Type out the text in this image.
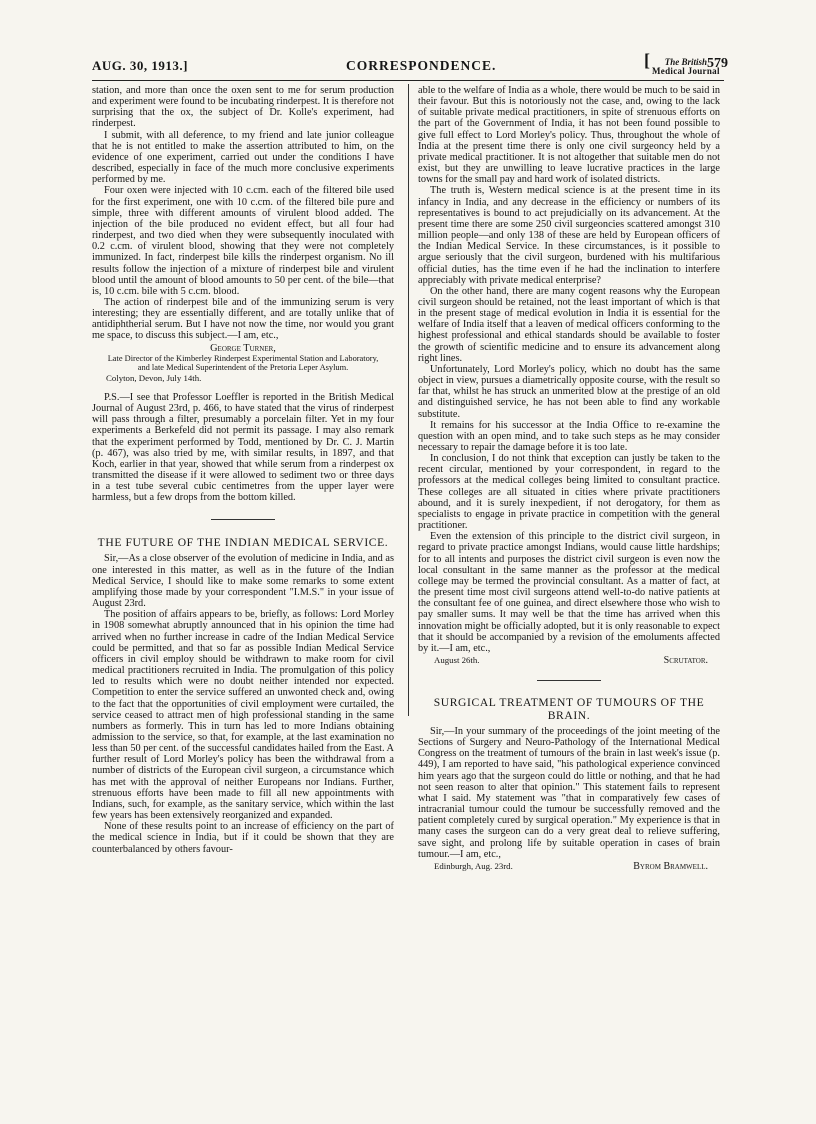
AUG. 30, 1913.]	CORRESPONDENCE.	[	The British
Medical Journal
579

station, and more than once the oxen sent to me for serum production and experiment were found to be incubating rinderpest. It is therefore not surprising that the ox, the subject of Dr. Kolle's experiment, had rinderpest.

I submit, with all deference, to my friend and late junior colleague that he is not entitled to make the assertion attributed to him, on the evidence of one experiment, carried out under the conditions I have described, especially in face of the much more conclusive experiments performed by me.

Four oxen were injected with 10 c.cm. each of the filtered bile used for the first experiment, one with 10 c.cm. of the filtered bile pure and simple, three with different amounts of virulent blood added. The injection of the bile produced no evident effect, but all four had rinderpest, and two died when they were subsequently inoculated with 0.2 c.cm. of virulent blood, showing that they were not completely immunized. In fact, rinderpest bile kills the rinderpest organism. No ill results follow the injection of a mixture of rinderpest bile and virulent blood until the amount of blood amounts to 50 per cent. of the bile—that is, 10 c.cm. bile with 5 c.cm. blood.

The action of rinderpest bile and of the immunizing serum is very interesting; they are essentially different, and are totally unlike that of antidiphtherial serum. But I have not now the time, nor would you grant me space, to discuss this subject.—I am, etc.,

George Turner,
Late Director of the Kimberley Rinderpest Experimental Station and Laboratory, and late Medical Superintendent of the Pretoria Leper Asylum.

Colyton, Devon, July 14th.

P.S.—I see that Professor Loeffler is reported in the British Medical Journal of August 23rd, p. 466, to have stated that the virus of rinderpest will pass through a filter, presumably a porcelain filter. Yet in my four experiments a Berkefeld did not permit its passage. I may also remark that the experiment performed by Todd, mentioned by Dr. C. J. Martin (p. 467), was also tried by me, with similar results, in 1897, and that Koch, earlier in that year, showed that while serum from a rinderpest ox transmitted the disease if it were allowed to sediment two or three days in a test tube several cubic centimetres from the upper layer were harmless, but a few drops from the bottom killed.

THE FUTURE OF THE INDIAN MEDICAL SERVICE.

Sir,—As a close observer of the evolution of medicine in India, and as one interested in this matter, as well as in the future of the Indian Medical Service, I should like to make some remarks to some extent amplifying those made by your correspondent "I.M.S." in your issue of August 23rd.

The position of affairs appears to be, briefly, as follows: Lord Morley in 1908 somewhat abruptly announced that in his opinion the time had arrived when no further increase in cadre of the Indian Medical Service could be permitted, and that so far as possible Indian Medical Service officers in civil employ should be withdrawn to make room for civil medical practitioners recruited in India. The promulgation of this policy led to results which were no doubt neither intended nor expected. Competition to enter the service suffered an unwonted check and, owing to the fact that the opportunities of civil employment were curtailed, the service ceased to attract men of high professional standing in the same numbers as formerly. This in turn has led to more Indians obtaining admission to the service, so that, for example, at the last examination no less than 50 per cent. of the successful candidates hailed from the East. A further result of Lord Morley's policy has been the withdrawal from a number of districts of the European civil surgeon, a circumstance which has met with the approval of neither Europeans nor Indians. Further, strenuous efforts have been made to fill all new appointments with Indians, such, for example, as the sanitary service, which within the last few years has been extensively reorganized and expanded.

None of these results point to an increase of efficiency on the part of the medical science in India, but if it could be shown that they are counterbalanced by others favour-

able to the welfare of India as a whole, there would be much to be said in their favour. But this is notoriously not the case, and, owing to the lack of suitable private medical practitioners, in spite of strenuous efforts on the part of the Government of India, it has not been found possible to give full effect to Lord Morley's policy. Thus, throughout the whole of India at the present time there is only one civil surgeoncy held by a private medical practitioner. It is not altogether that suitable men do not exist, but they are unwilling to leave lucrative practices in the large towns for the small pay and hard work of isolated districts.

The truth is, Western medical science is at the present time in its infancy in India, and any decrease in the efficiency or numbers of its representatives is bound to act prejudicially on its advancement. At the present time there are some 250 civil surgeoncies scattered amongst 310 million people—and only 138 of these are held by European officers of the Indian Medical Service. In these circumstances, is it possible to argue seriously that the civil surgeon, burdened with his multifarious official duties, has the time even if he had the inclination to interfere appreciably with private medical enterprise?

On the other hand, there are many cogent reasons why the European civil surgeon should be retained, not the least important of which is that in the present stage of medical evolution in India it is essential for the welfare of India itself that a leaven of medical officers conforming to the highest professional and ethical standards should be available to foster the growth of scientific medicine and to ensure its advancement along right lines.

Unfortunately, Lord Morley's policy, which no doubt has the same object in view, pursues a diametrically opposite course, with the result so far that, whilst he has struck an unmerited blow at the prestige of an old and distinguished service, he has not been able to find any workable substitute.

It remains for his successor at the India Office to re-examine the question with an open mind, and to take such steps as he may consider necessary to repair the damage before it is too late.

In conclusion, I do not think that exception can justly be taken to the recent circular, mentioned by your correspondent, in regard to the professors at the medical colleges being limited to consultant practice. These colleges are all situated in cities where private practitioners abound, and it is surely inexpedient, if not derogatory, for them as specialists to engage in private practice in competition with the general practitioner.

Even the extension of this principle to the district civil surgeon, in regard to private practice amongst Indians, would cause little hardships; for to all intents and purposes the district civil surgeon is even now the local consultant in the same manner as the professor at the medical college may be termed the provincial consultant. As a matter of fact, at the present time most civil surgeons attend well-to-do native patients at the consultant fee of one guinea, and direct elsewhere those who wish to pay smaller sums. It may well be that the time has arrived when this innovation might be officially adopted, but it is only reasonable to expect that it should be accompanied by a revision of the emoluments affected by it.—I am, etc.,

August 26th.	Scrutator.
SURGICAL TREATMENT OF TUMOURS OF THE BRAIN.

Sir,—In your summary of the proceedings of the joint meeting of the Sections of Surgery and Neuro-Pathology of the International Medical Congress on the treatment of tumours of the brain in last week's issue (p. 449), I am reported to have said, "his pathological experience convinced him years ago that the surgeon could do little or nothing, and that he had not seen reason to alter that opinion." This statement fails to represent what I said. My statement was "that in comparatively few cases of intracranial tumour could the tumour be successfully removed and the patient completely cured by surgical operation." My experience is that in many cases the surgeon can do a very great deal to relieve suffering, save sight, and prolong life by suitable operation in cases of brain tumour.—I am, etc.,

Edinburgh, Aug. 23rd.	Byrom Bramwell.
